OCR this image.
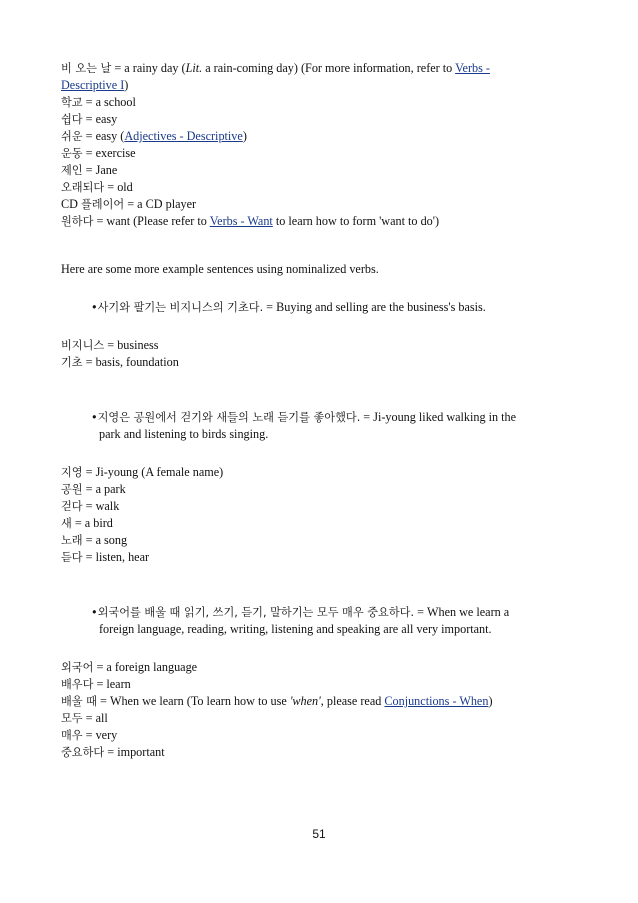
비 오는 날 = a rainy day (Lit. a rain-coming day) (For more information, refer to Verbs -
Descriptive I)
학교 = a school
쉽다 = easy
쉬운 = easy (Adjectives - Descriptive)
운동 = exercise
제인 = Jane
오래되다 = old
CD 플레이어 = a CD player
원하다 = want (Please refer to Verbs - Want to learn how to form 'want to do')
Here are some more example sentences using nominalized verbs.
•사기와 팔기는 비지니스의 기초다. = Buying and selling are the business's basis.
비지니스 = business
기초 = basis, foundation
•지영은 공원에서 걷기와 새들의 노래 듣기를 좋아했다. = Ji-young liked walking in the
park and listening to birds singing.
지영 = Ji-young (A female name)
공원 = a park
걷다 = walk
새 = a bird
노래 = a song
듣다 = listen, hear
•외국어를 배울 때 읽기, 쓰기, 듣기, 말하기는 모두 매우 중요하다. = When we learn a
foreign language, reading, writing, listening and speaking are all very important.
외국어 = a foreign language
배우다 = learn
배울 때 = When we learn (To learn how to use 'when', please read Conjunctions - When)
모두 = all
매우 = very
중요하다 = important
51
